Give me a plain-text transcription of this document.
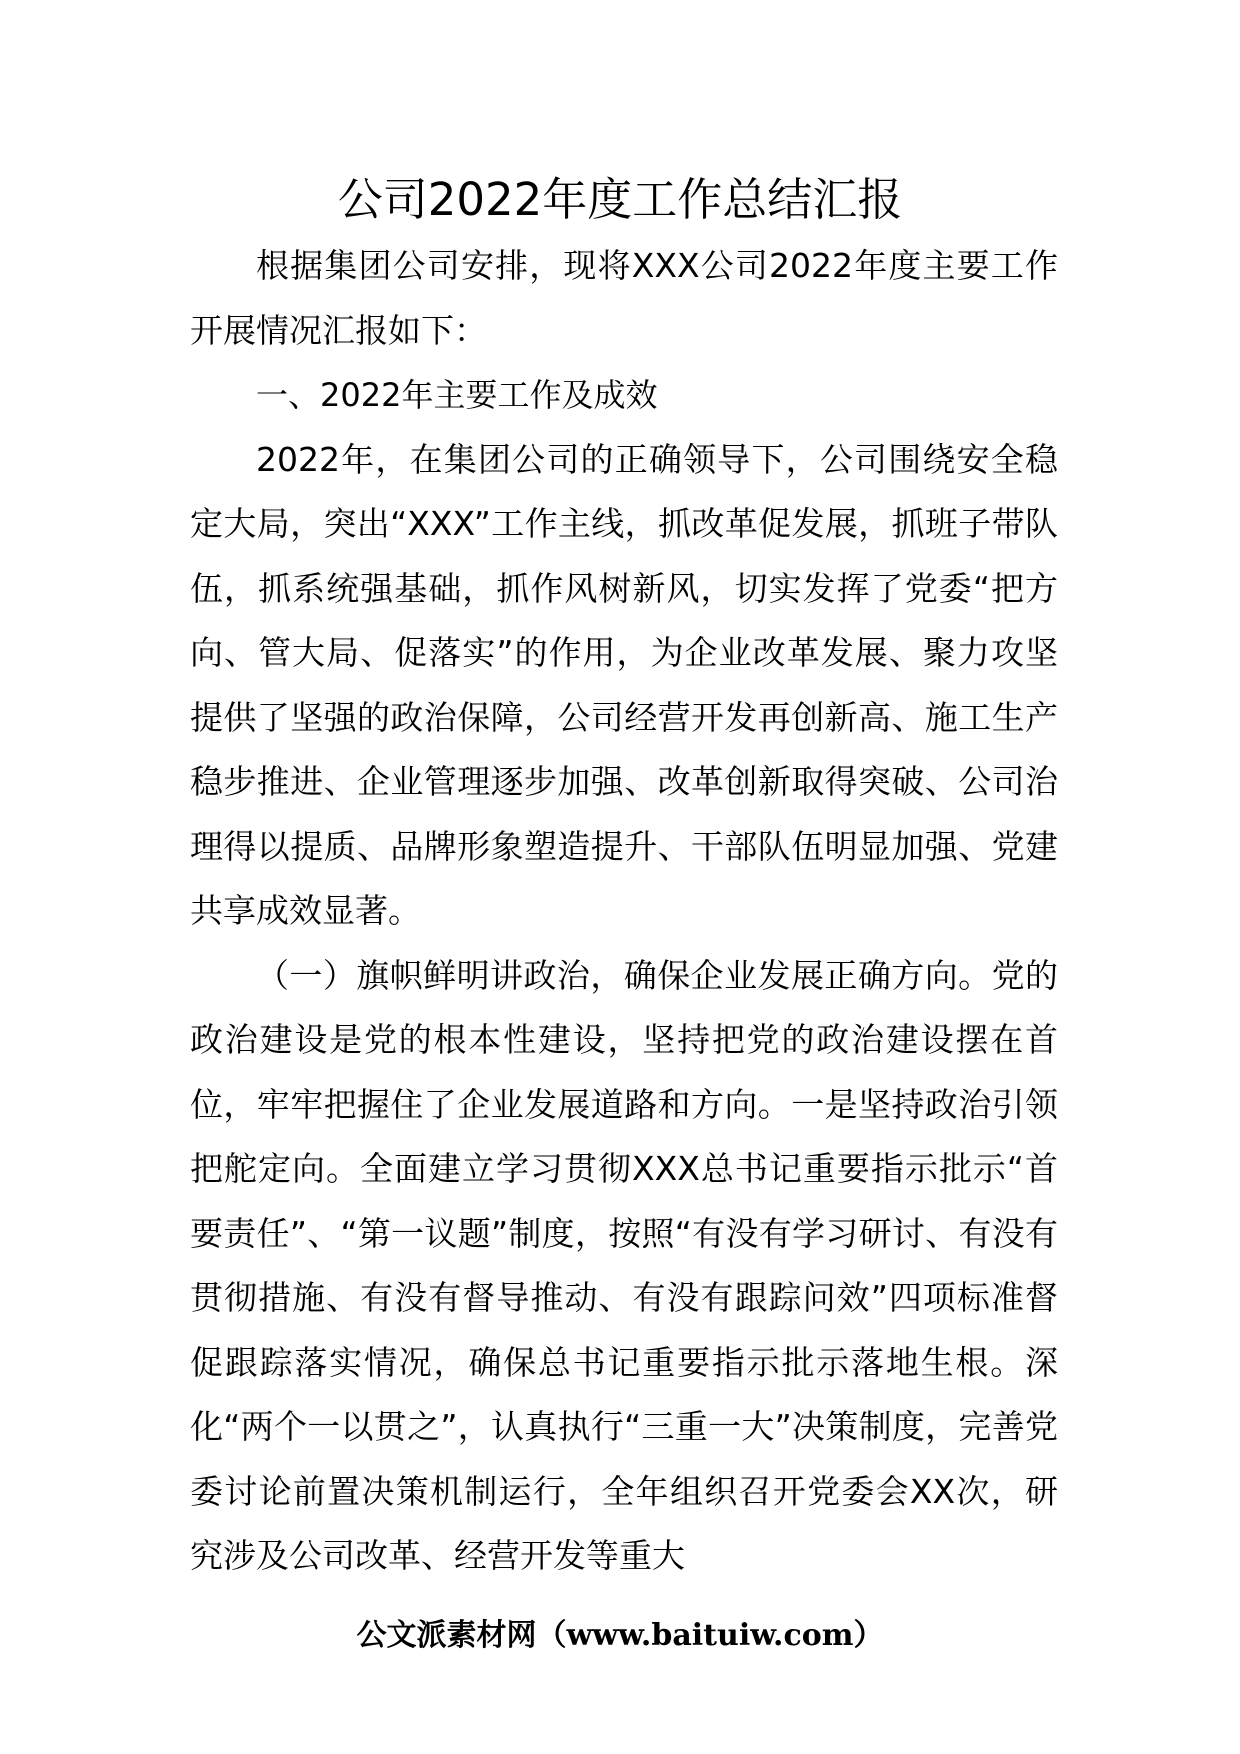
公司2022年度工作总结汇报

根据集团公司安排，现将XXX公司2022年度主要工作开展情况汇报如下：

一、2022年主要工作及成效

2022年，在集团公司的正确领导下，公司围绕安全稳定大局，突出“XXX”工作主线，抓改革促发展，抓班子带队伍，抓系统强基础，抓作风树新风，切实发挥了党委“把方向、管大局、促落实”的作用，为企业改革发展、聚力攻坚提供了坚强的政治保障，公司经营开发再创新高、施工生产稳步推进、企业管理逐步加强、改革创新取得突破、公司治理得以提质、品牌形象塑造提升、干部队伍明显加强、党建共享成效显著。

（一）旗帜鲜明讲政治，确保企业发展正确方向。党的政治建设是党的根本性建设，坚持把党的政治建设摆在首位，牢牢把握住了企业发展道路和方向。一是坚持政治引领把舵定向。全面建立学习贯彻XXX总书记重要指示批示“首要责任”、“第一议题”制度，按照“有没有学习研讨、有没有贯彻措施、有没有督导推动、有没有跟踪问效”四项标准督促跟踪落实情况，确保总书记重要指示批示落地生根。深化“两个一以贯之”，认真执行“三重一大”决策制度，完善党委讨论前置决策机制运行，全年组织召开党委会XX次，研究涉及公司改革、经营开发等重大

公文派素材网（www.baituiw.com）
